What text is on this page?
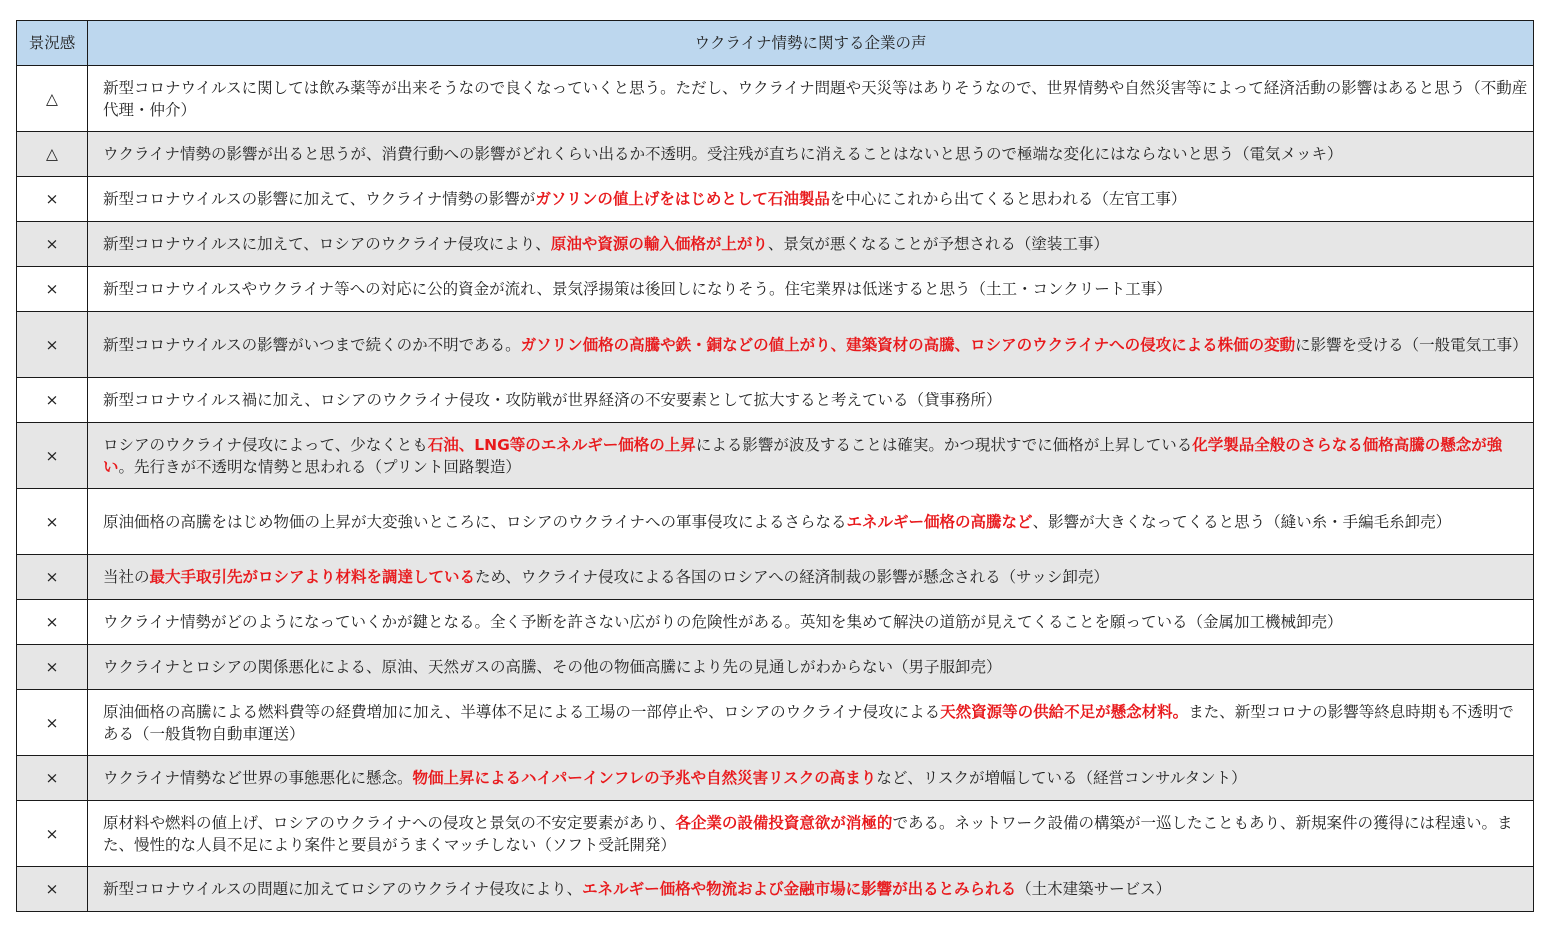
景況感	ウクライナ情勢に関する企業の声
△	新型コロナウイルスに関しては飲み薬等が出来そうなので良くなっていくと思う。ただし、ウクライナ問題や天災等はありそうなので、世界情勢や自然災害等によって経済活動の影響はあると思う（不動産代理・仲介）
△	ウクライナ情勢の影響が出ると思うが、消費行動への影響がどれくらい出るか不透明。受注残が直ちに消えることはないと思うので極端な変化にはならないと思う（電気メッキ）
×	新型コロナウイルスの影響に加えて、ウクライナ情勢の影響がガソリンの値上げをはじめとして石油製品を中心にこれから出てくると思われる（左官工事）
×	新型コロナウイルスに加えて、ロシアのウクライナ侵攻により、原油や資源の輸入価格が上がり、景気が悪くなることが予想される（塗装工事）
×	新型コロナウイルスやウクライナ等への対応に公的資金が流れ、景気浮揚策は後回しになりそう。住宅業界は低迷すると思う（土工・コンクリート工事）
×	新型コロナウイルスの影響がいつまで続くのか不明である。ガソリン価格の高騰や鉄・銅などの値上がり、建築資材の高騰、ロシアのウクライナへの侵攻による株価の変動に影響を受ける（一般電気工事）
×	新型コロナウイルス禍に加え、ロシアのウクライナ侵攻・攻防戦が世界経済の不安要素として拡大すると考えている（貸事務所）
×	ロシアのウクライナ侵攻によって、少なくとも石油、LNG等のエネルギー価格の上昇による影響が波及することは確実。かつ現状すでに価格が上昇している化学製品全般のさらなる価格高騰の懸念が強い。先行きが不透明な情勢と思われる（プリント回路製造）
×	原油価格の高騰をはじめ物価の上昇が大変強いところに、ロシアのウクライナへの軍事侵攻によるさらなるエネルギー価格の高騰など、影響が大きくなってくると思う（縫い糸・手編毛糸卸売）
×	当社の最大手取引先がロシアより材料を調達しているため、ウクライナ侵攻による各国のロシアへの経済制裁の影響が懸念される（サッシ卸売）
×	ウクライナ情勢がどのようになっていくかが鍵となる。全く予断を許さない広がりの危険性がある。英知を集めて解決の道筋が見えてくることを願っている（金属加工機械卸売）
×	ウクライナとロシアの関係悪化による、原油、天然ガスの高騰、その他の物価高騰により先の見通しがわからない（男子服卸売）
×	原油価格の高騰による燃料費等の経費増加に加え、半導体不足による工場の一部停止や、ロシアのウクライナ侵攻による天然資源等の供給不足が懸念材料。また、新型コロナの影響等終息時期も不透明である（一般貨物自動車運送）
×	ウクライナ情勢など世界の事態悪化に懸念。物価上昇によるハイパーインフレの予兆や自然災害リスクの高まりなど、リスクが増幅している（経営コンサルタント）
×	原材料や燃料の値上げ、ロシアのウクライナへの侵攻と景気の不安定要素があり、各企業の設備投資意欲が消極的である。ネットワーク設備の構築が一巡したこともあり、新規案件の獲得には程遠い。また、慢性的な人員不足により案件と要員がうまくマッチしない（ソフト受託開発）
×	新型コロナウイルスの問題に加えてロシアのウクライナ侵攻により、エネルギー価格や物流および金融市場に影響が出るとみられる（土木建築サービス）
